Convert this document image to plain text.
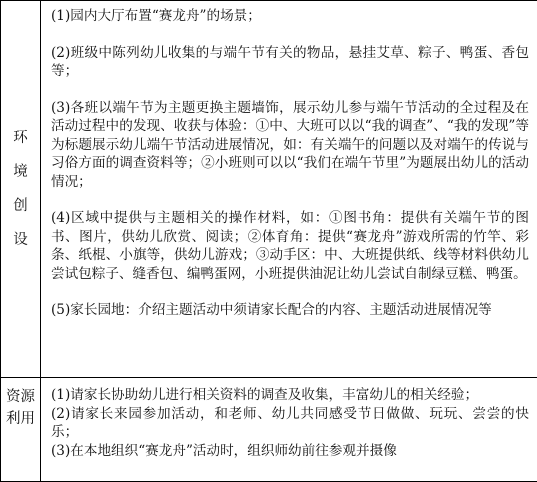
环境创设	(1)园内大厅布置“赛龙舟”的场景；

(2)班级中陈列幼儿收集的与端午节有关的物品，悬挂艾草、粽子、鸭蛋、香包等；

(3)各班以端午节为主题更换主题墙饰，展示幼儿参与端午节活动的全过程及在活动过程中的发现、收获与体验：①中、大班可以以“我的调查”、“我的发现”等为标题展示幼儿端午节活动进展情况，如：有关端午的问题以及对端午的传说与习俗方面的调查资料等；②小班则可以以“我们在端午节里”为题展出幼儿的活动情况；

(4)区域中提供与主题相关的操作材料，如：①图书角：提供有关端午节的图书、图片，供幼儿欣赏、阅读；②体育角：提供“赛龙舟”游戏所需的竹竿、彩条、纸棍、小旗等，供幼儿游戏；③动手区：中、大班提供纸、线等材料供幼儿尝试包粽子、缝香包、编鸭蛋网，小班提供油泥让幼儿尝试自制绿豆糕、鸭蛋。

(5)家长园地：介绍主题活动中须请家长配合的内容、主题活动进展情况等

资源利用	(1)请家长协助幼儿进行相关资料的调查及收集，丰富幼儿的相关经验；

(2)请家长来园参加活动，和老师、幼儿共同感受节日做做、玩玩、尝尝的快乐；

(3)在本地组织“赛龙舟”活动时，组织师幼前往参观并摄像
